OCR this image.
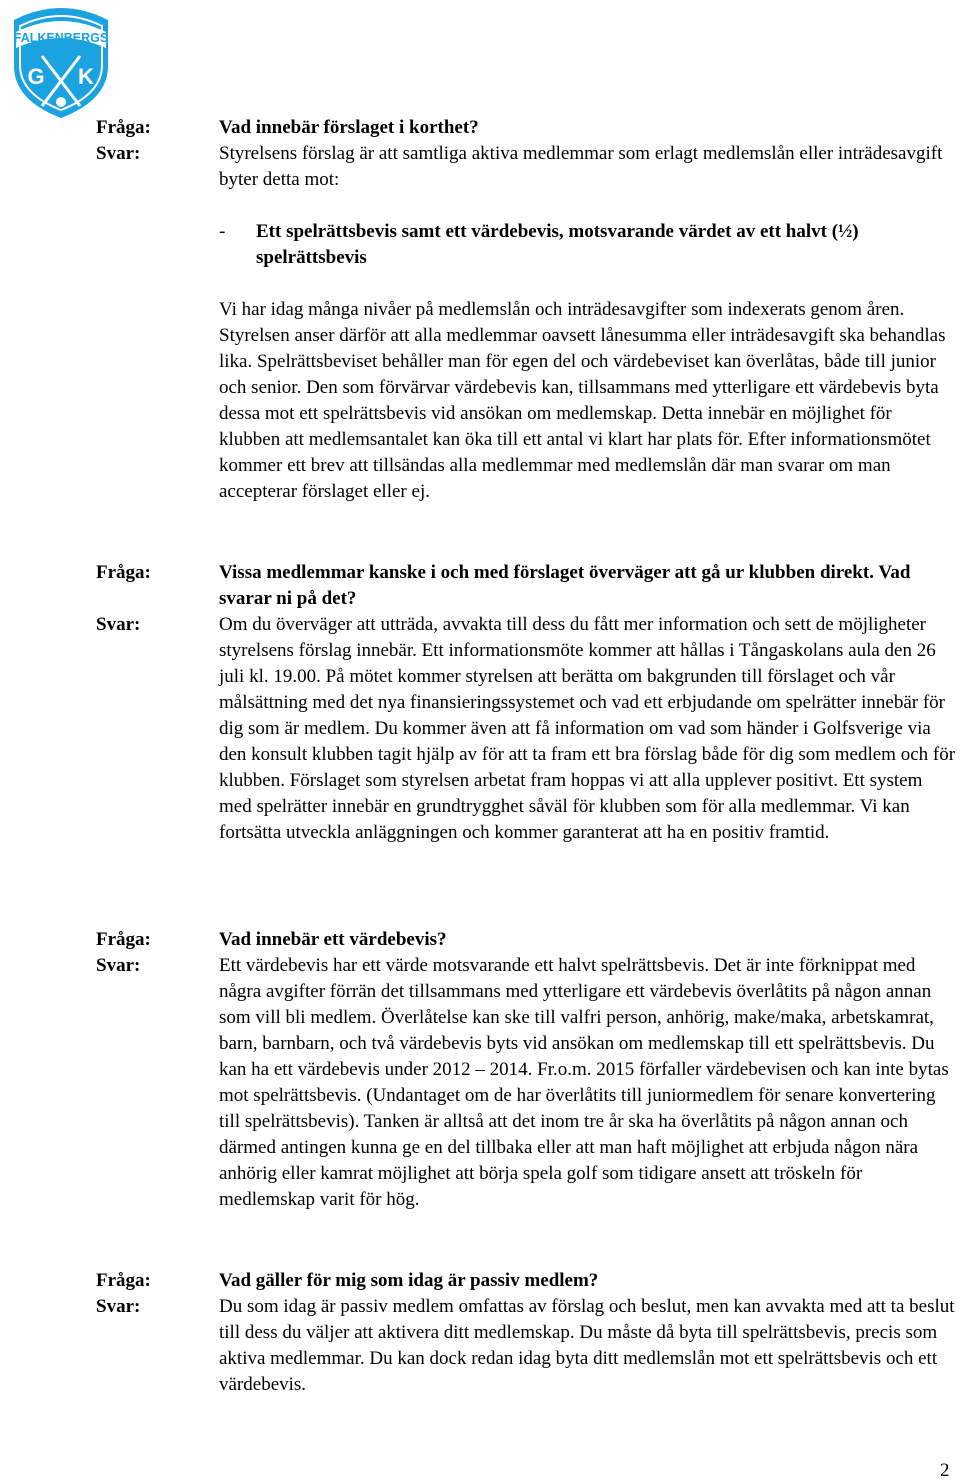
FALKENBERGS
G K
Fråga:	Vad innebär förslaget i korthet?
Svar:	Styrelsens förslag är att samtliga aktiva medlemmar som erlagt medlemslån eller inträdesavgift byter detta mot:

-	Ett spelrättsbevis samt ett värdebevis, motsvarande värdet av ett halvt (½) spelrättsbevis

Vi har idag många nivåer på medlemslån och inträdesavgifter som indexerats genom åren. Styrelsen anser därför att alla medlemmar oavsett lånesumma eller inträdesavgift ska behandlas lika. Spelrättsbeviset behåller man för egen del och värdebeviset kan överlåtas, både till junior och senior. Den som förvärvar värdebevis kan, tillsammans med ytterligare ett värdebevis byta dessa mot ett spelrättsbevis vid ansökan om medlemskap. Detta innebär en möjlighet för klubben att medlemsantalet kan öka till ett antal vi klart har plats för. Efter informationsmötet kommer ett brev att tillsändas alla medlemmar med medlemslån där man svarar om man accepterar förslaget eller ej.

Fråga:	Vissa medlemmar kanske i och med förslaget överväger att gå ur klubben direkt. Vad svarar ni på det?
Svar:	Om du överväger att utträda, avvakta till dess du fått mer information och sett de möjligheter styrelsens förslag innebär. Ett informationsmöte kommer att hållas i Tångaskolans aula den 26 juli kl. 19.00. På mötet kommer styrelsen att berätta om bakgrunden till förslaget och vår målsättning med det nya finansieringssystemet och vad ett erbjudande om spelrätter innebär för dig som är medlem. Du kommer även att få information om vad som händer i Golfsverige via den konsult klubben tagit hjälp av för att ta fram ett bra förslag både för dig som medlem och för klubben. Förslaget som styrelsen arbetat fram hoppas vi att alla upplever positivt. Ett system med spelrätter innebär en grundtrygghet såväl för klubben som för alla medlemmar. Vi kan fortsätta utveckla anläggningen och kommer garanterat att ha en positiv framtid.
Fråga:	Vad innebär ett värdebevis?
Svar:	Ett värdebevis har ett värde motsvarande ett halvt spelrättsbevis. Det är inte förknippat med några avgifter förrän det tillsammans med ytterligare ett värdebevis överlåtits på någon annan som vill bli medlem. Överlåtelse kan ske till valfri person, anhörig, make/maka, arbetskamrat, barn, barnbarn, och två värdebevis byts vid ansökan om medlemskap till ett spelrättsbevis. Du kan ha ett värdebevis under 2012 – 2014. Fr.o.m. 2015 förfaller värdebevisen och kan inte bytas mot spelrättsbevis. (Undantaget om de har överlåtits till juniormedlem för senare konvertering till spelrättsbevis). Tanken är alltså att det inom tre år ska ha överlåtits på någon annan och därmed antingen kunna ge en del tillbaka eller att man haft möjlighet att erbjuda någon nära anhörig eller kamrat möjlighet att börja spela golf som tidigare ansett att tröskeln för medlemskap varit för hög.
Fråga:	Vad gäller för mig som idag är passiv medlem?
Svar:	Du som idag är passiv medlem omfattas av förslag och beslut, men kan avvakta med att ta beslut till dess du väljer att aktivera ditt medlemskap. Du måste då byta till spelrättsbevis, precis som aktiva medlemmar. Du kan dock redan idag byta ditt medlemslån mot ett spelrättsbevis och ett värdebevis.
2
